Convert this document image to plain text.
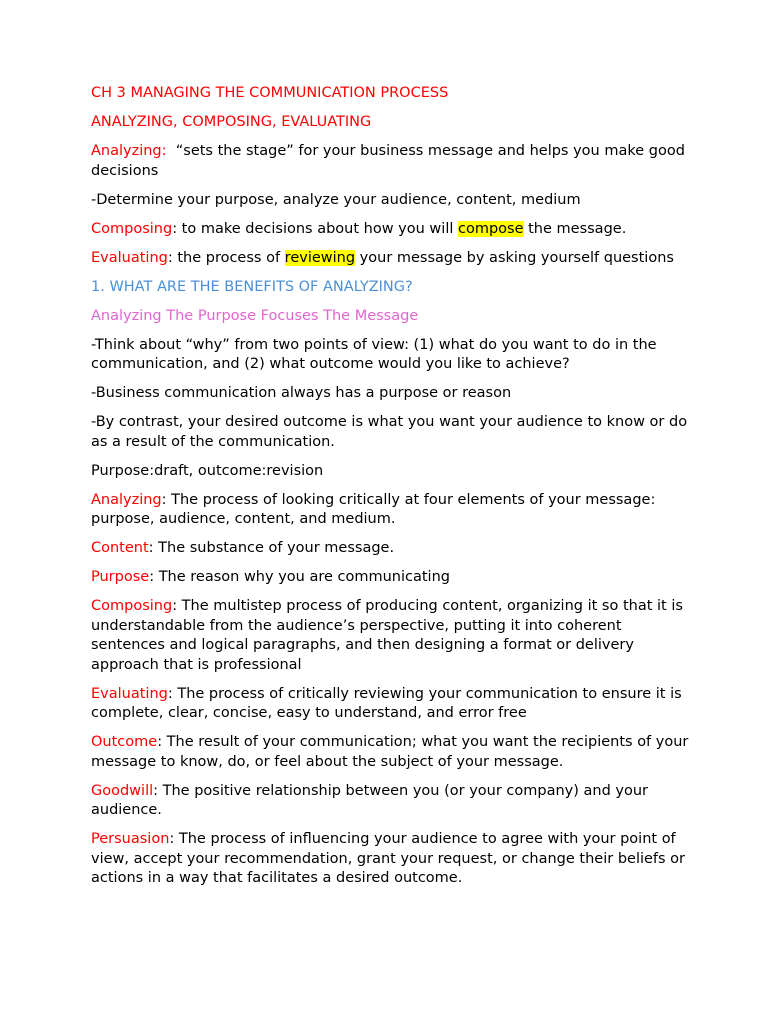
CH 3 MANAGING THE COMMUNICATION PROCESS

ANALYZING, COMPOSING, EVALUATING

Analyzing:  “sets the stage” for your business message and helps you make good decisions

-Determine your purpose, analyze your audience, content, medium

Composing: to make decisions about how you will compose the message.

Evaluating: the process of reviewing your message by asking yourself questions

1. WHAT ARE THE BENEFITS OF ANALYZING?

Analyzing The Purpose Focuses The Message

-Think about “why” from two points of view: (1) what do you want to do in the communication, and (2) what outcome would you like to achieve?

-Business communication always has a purpose or reason

-By contrast, your desired outcome is what you want your audience to know or do as a result of the communication.

Purpose:draft, outcome:revision

Analyzing: The process of looking critically at four elements of your message: purpose, audience, content, and medium.

Content: The substance of your message.

Purpose: The reason why you are communicating

Composing: The multistep process of producing content, organizing it so that it is understandable from the audience’s perspective, putting it into coherent sentences and logical paragraphs, and then designing a format or delivery approach that is professional

Evaluating: The process of critically reviewing your communication to ensure it is complete, clear, concise, easy to understand, and error free

Outcome: The result of your communication; what you want the recipients of your message to know, do, or feel about the subject of your message.

Goodwill: The positive relationship between you (or your company) and your audience.

Persuasion: The process of influencing your audience to agree with your point of view, accept your recommendation, grant your request, or change their beliefs or actions in a way that facilitates a desired outcome.
